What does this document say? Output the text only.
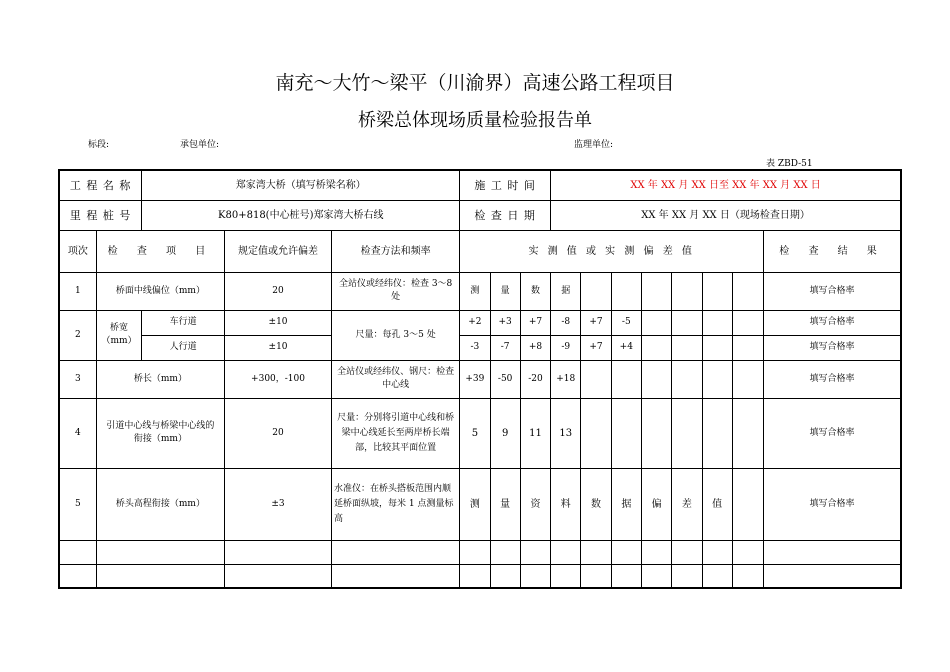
南充～大竹～梁平（川渝界）高速公路工程项目
桥梁总体现场质量检验报告单
标段:	承包单位:	监理单位:
表 ZBD-51
工 程 名 称		郑家湾大桥（填写桥梁名称）			施 工 时 间			XX 年 XX 月 XX 日至 XX 年 XX 月 XX 日							
里 程 桩 号		K80+818(中心桩号)郑家湾大桥右线			检 查 日 期			XX 年 XX 月 XX 日（现场检查日期）							
项次	检 查 项 目		规定值或允许偏差	检查方法和频率	实 测 值 或 实 测 偏 差 值										检 查 结 果
1	桥面中线偏位（mm）		20	全站仪或经纬仪：检查 3～8 处	测	量	数	据							填写合格率
2	桥宽（mm）	车行道	±10	尺量：每孔 3～5 处	+2	+3	+7	-8	+7	-5					填写合格率
		人行道	±10		-3	-7	+8	-9	+7	+4					填写合格率
3	桥长（mm）		+300，-100	全站仪或经纬仪、钢尺：检查中心线	+39	-50	-20	+18							填写合格率
4	引道中心线与桥梁中心线的衔接（mm）		20	尺量：分别将引道中心线和桥梁中心线延长至两岸桥长端部，比较其平面位置	5	9	11	13							填写合格率
5	桥头高程衔接（mm）		±3	水准仪：在桥头搭板范围内顺延桥面纵坡，每米 1 点测量标高	测	量	资	料	数	据	偏	差	值		填写合格率
